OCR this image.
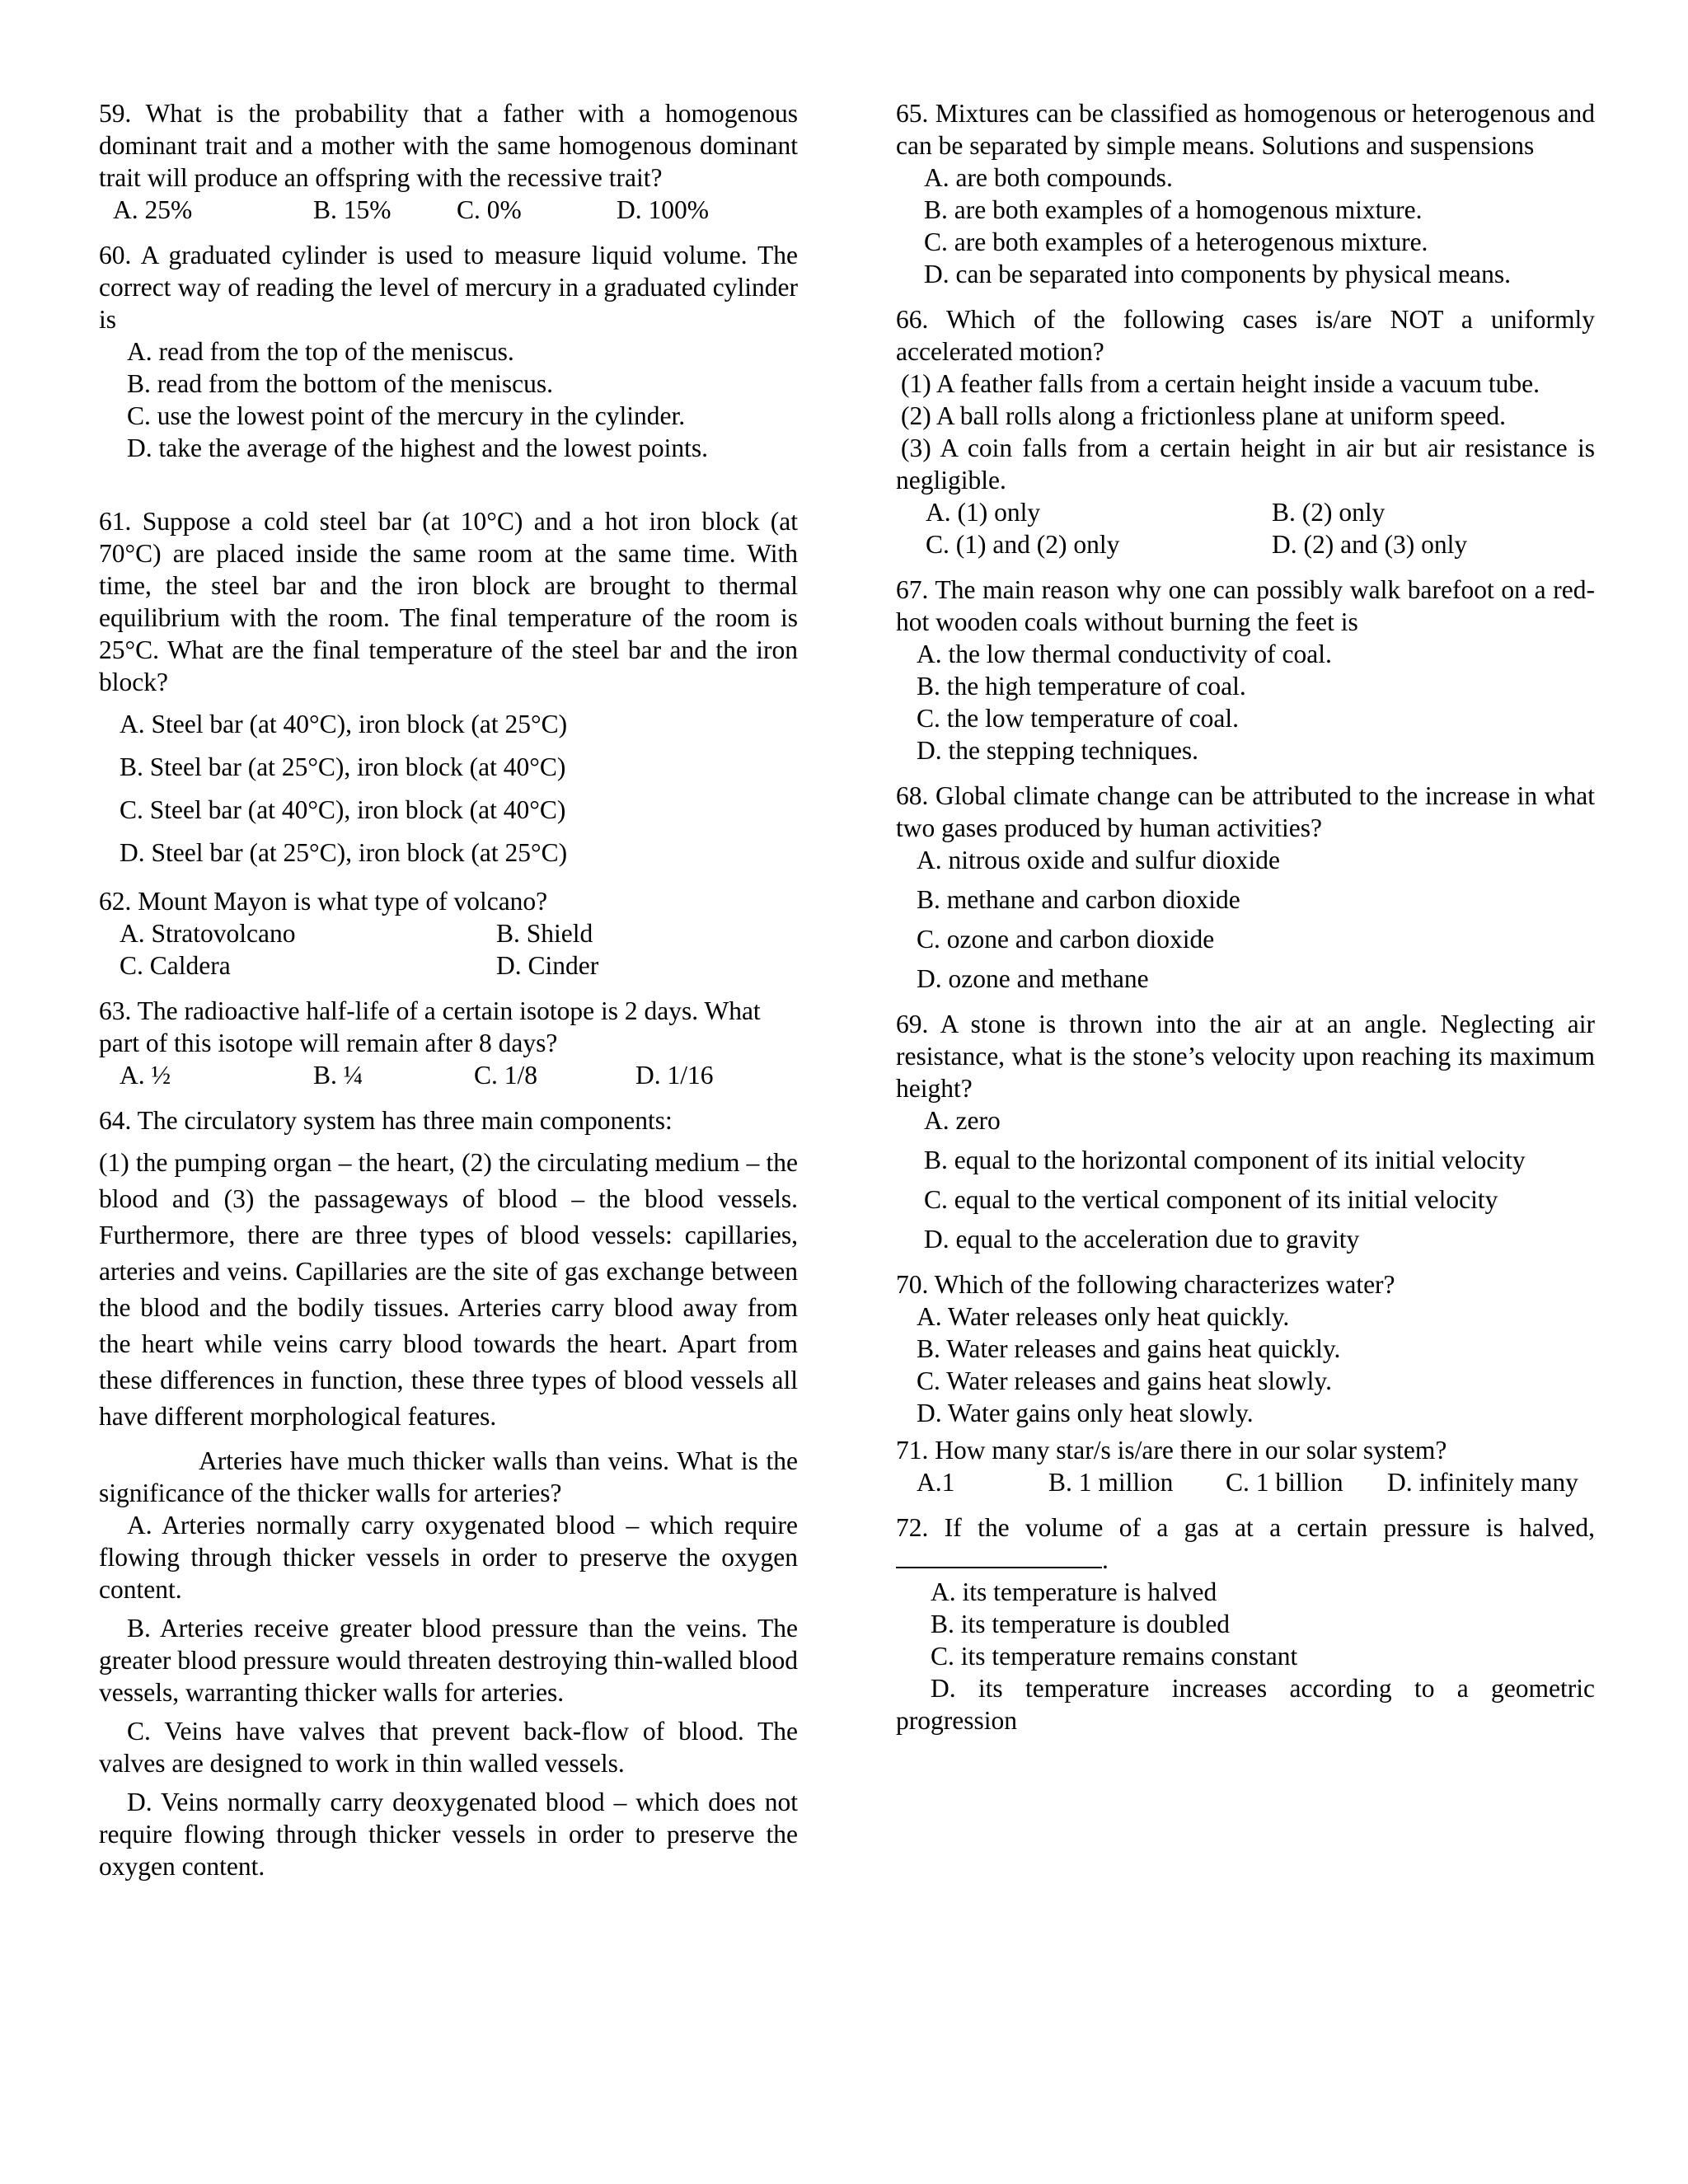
59. What is the probability that a father with a homogenous dominant trait and a mother with the same homogenous dominant trait will produce an offspring with the recessive trait?

A. 25%	B. 15%	C. 0%	D. 100%

60. A graduated cylinder is used to measure liquid volume. The correct way of reading the level of mercury in a graduated cylinder is

A. read from the top of the meniscus.
B. read from the bottom of the meniscus.
C. use the lowest point of the mercury in the cylinder.
D. take the average of the highest and the lowest points.

61. Suppose a cold steel bar (at 10°C) and a hot iron block (at 70°C) are placed inside the same room at the same time. With time, the steel bar and the iron block are brought to thermal equilibrium with the room. The final temperature of the room is 25°C. What are the final temperature of the steel bar and the iron block?

A. Steel bar (at 40°C), iron block (at 25°C)
B. Steel bar (at 25°C), iron block (at 40°C)
C. Steel bar (at 40°C), iron block (at 40°C)
D. Steel bar (at 25°C), iron block (at 25°C)

62. Mount Mayon is what type of volcano?

A. Stratovolcano	B. Shield
C. Caldera	D. Cinder

63. The radioactive half-life of a certain isotope is 2 days. What part of this isotope will remain after 8 days?

A. ½	B. ¼	C. 1/8	D. 1/16

64. The circulatory system has three main components:

(1) the pumping organ – the heart, (2) the circulating medium – the blood and (3) the passageways of blood – the blood vessels. Furthermore, there are three types of blood vessels: capillaries, arteries and veins. Capillaries are the site of gas exchange between the blood and the bodily tissues. Arteries carry blood away from the heart while veins carry blood towards the heart. Apart from these differences in function, these three types of blood vessels all have different morphological features.

Arteries have much thicker walls than veins. What is the significance of the thicker walls for arteries?

A. Arteries normally carry oxygenated blood – which require flowing through thicker vessels in order to preserve the oxygen content.

B. Arteries receive greater blood pressure than the veins. The greater blood pressure would threaten destroying thin-walled blood vessels, warranting thicker walls for arteries.

C. Veins have valves that prevent back-flow of blood. The valves are designed to work in thin walled vessels.

D. Veins normally carry deoxygenated blood – which does not require flowing through thicker vessels in order to preserve the oxygen content.

65. Mixtures can be classified as homogenous or heterogenous and can be separated by simple means. Solutions and suspensions

A. are both compounds.
B. are both examples of a homogenous mixture.
C. are both examples of a heterogenous mixture.
D. can be separated into components by physical means.

66. Which of the following cases is/are NOT a uniformly accelerated motion?

(1) A feather falls from a certain height inside a vacuum tube.

(2) A ball rolls along a frictionless plane at uniform speed.

(3) A coin falls from a certain height in air but air resistance is negligible.

A. (1) only	B. (2) only
C. (1) and (2) only	D. (2) and (3) only

67. The main reason why one can possibly walk barefoot on a red-hot wooden coals without burning the feet is

A. the low thermal conductivity of coal.
B. the high temperature of coal.
C. the low temperature of coal.
D. the stepping techniques.

68. Global climate change can be attributed to the increase in what two gases produced by human activities?

A. nitrous oxide and sulfur dioxide
B. methane and carbon dioxide
C. ozone and carbon dioxide
D. ozone and methane

69. A stone is thrown into the air at an angle. Neglecting air resistance, what is the stone’s velocity upon reaching its maximum height?

A. zero
B. equal to the horizontal component of its initial velocity
C. equal to the vertical component of its initial velocity
D. equal to the acceleration due to gravity

70. Which of the following characterizes water?

A. Water releases only heat quickly.
B. Water releases and gains heat quickly.
C. Water releases and gains heat slowly.
D. Water gains only heat slowly.

71. How many star/s is/are there in our solar system?

A.1	B. 1 million C. 1 billion D. infinitely many

72. If the volume of a gas at a certain pressure is halved,

.

A. its temperature is halved
B. its temperature is doubled
C. its temperature remains constant

D. its temperature increases according to a geometric progression
